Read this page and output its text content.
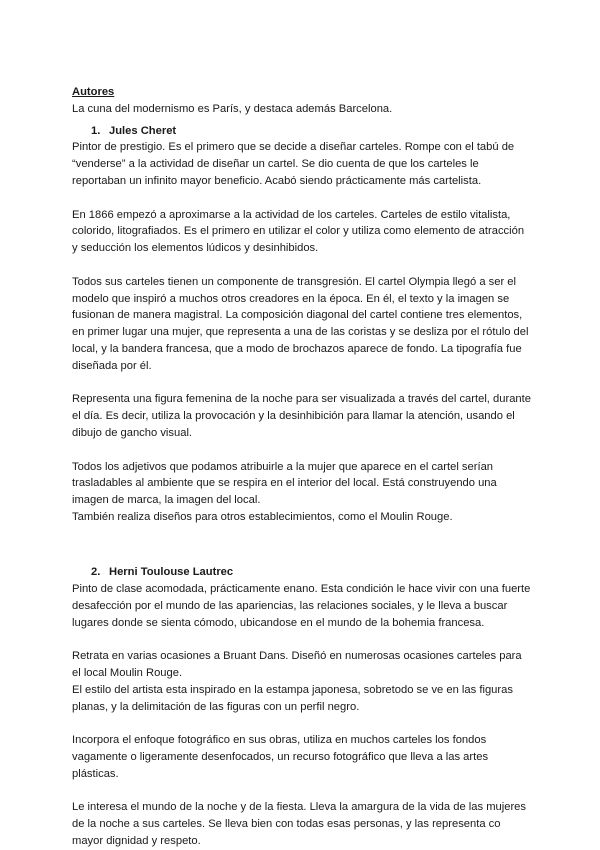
Autores

La cuna del modernismo es París, y destaca además Barcelona.

1. Jules Cheret

Pintor de prestigio. Es el primero que se decide a diseñar carteles. Rompe con el tabú de “venderse” a la actividad de diseñar un cartel. Se dio cuenta de que los carteles le reportaban un infinito mayor beneficio. Acabó siendo prácticamente más cartelista.

En 1866 empezó a aproximarse a la actividad de los carteles. Carteles de estilo vitalista, colorido, litografiados. Es el primero en utilizar el color y utiliza como elemento de atracción y seducción los elementos lúdicos y desinhibidos.

Todos sus carteles tienen un componente de transgresión. El cartel Olympia llegó a ser el modelo que inspiró a muchos otros creadores en la época. En él, el texto y la imagen se fusionan de manera magistral. La composición diagonal del cartel contiene tres elementos, en primer lugar una mujer, que representa a una de las coristas y se desliza por el rótulo del local, y la bandera francesa, que a modo de brochazos aparece de fondo. La tipografía fue diseñada por él.

Representa una figura femenina de la noche para ser visualizada a través del cartel, durante el día. Es decir, utiliza la provocación y la desinhibición para llamar la atención, usando el dibujo de gancho visual.

Todos los adjetivos que podamos atribuirle a la mujer que aparece en el cartel serían trasladables al ambiente que se respira en el interior del local. Está construyendo una imagen de marca, la imagen del local.

También realiza diseños para otros establecimientos, como el Moulin Rouge.

2. Herni Toulouse Lautrec

Pinto de clase acomodada, prácticamente enano. Esta condición le hace vivir con una fuerte desafección por el mundo de las apariencias, las relaciones sociales, y le lleva a buscar lugares donde se sienta cómodo, ubicandose en el mundo de la bohemia francesa.

Retrata en varias ocasiones a Bruant Dans. Diseñó en numerosas ocasiones carteles para el local Moulin Rouge.

El estilo del artista esta inspirado en la estampa japonesa, sobretodo se ve en las figuras planas, y la delimitación de las figuras con un perfil negro.

Incorpora el enfoque fotográfico en sus obras, utiliza en muchos carteles los fondos vagamente o ligeramente desenfocados, un recurso fotográfico que lleva a las artes plásticas.

Le interesa el mundo de la noche y de la fiesta. Lleva la amargura de la vida de las mujeres de la noche a sus carteles. Se lleva bien con todas esas personas, y las representa co mayor dignidad y respeto.
